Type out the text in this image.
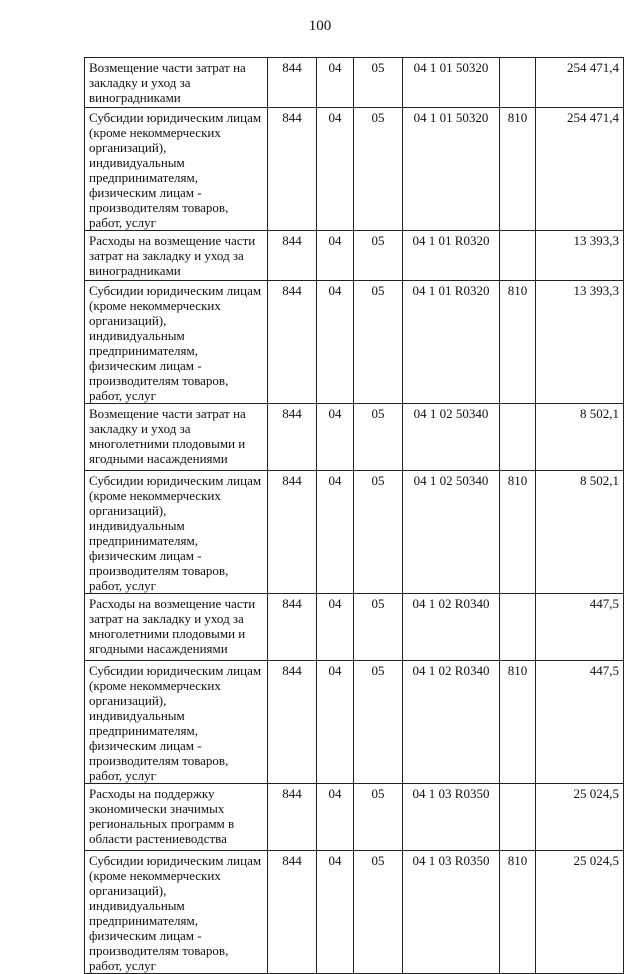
100
Возмещение части затрат на закладку и уход за виноградниками	844	04	05	04 1 01 50320		254 471,4
Субсидии юридическим лицам (кроме некоммерческих организаций), индивидуальным предпринимателям, физическим лицам - производителям товаров, работ, услуг	844	04	05	04 1 01 50320	810	254 471,4
Расходы на возмещение части затрат на закладку и уход за виноградниками	844	04	05	04 1 01 R0320		13 393,3
Субсидии юридическим лицам (кроме некоммерческих организаций), индивидуальным предпринимателям, физическим лицам - производителям товаров, работ, услуг	844	04	05	04 1 01 R0320	810	13 393,3
Возмещение части затрат на закладку и уход за многолетними плодовыми и ягодными насаждениями	844	04	05	04 1 02 50340		8 502,1
Субсидии юридическим лицам (кроме некоммерческих организаций), индивидуальным предпринимателям, физическим лицам - производителям товаров, работ, услуг	844	04	05	04 1 02 50340	810	8 502,1
Расходы на возмещение части затрат на закладку и уход за многолетними плодовыми и ягодными насаждениями	844	04	05	04 1 02 R0340		447,5
Субсидии юридическим лицам (кроме некоммерческих организаций), индивидуальным предпринимателям, физическим лицам - производителям товаров, работ, услуг	844	04	05	04 1 02 R0340	810	447,5
Расходы на поддержку экономически значимых региональных программ в области растениеводства	844	04	05	04 1 03 R0350		25 024,5
Субсидии юридическим лицам (кроме некоммерческих организаций), индивидуальным предпринимателям, физическим лицам - производителям товаров, работ, услуг	844	04	05	04 1 03 R0350	810	25 024,5
